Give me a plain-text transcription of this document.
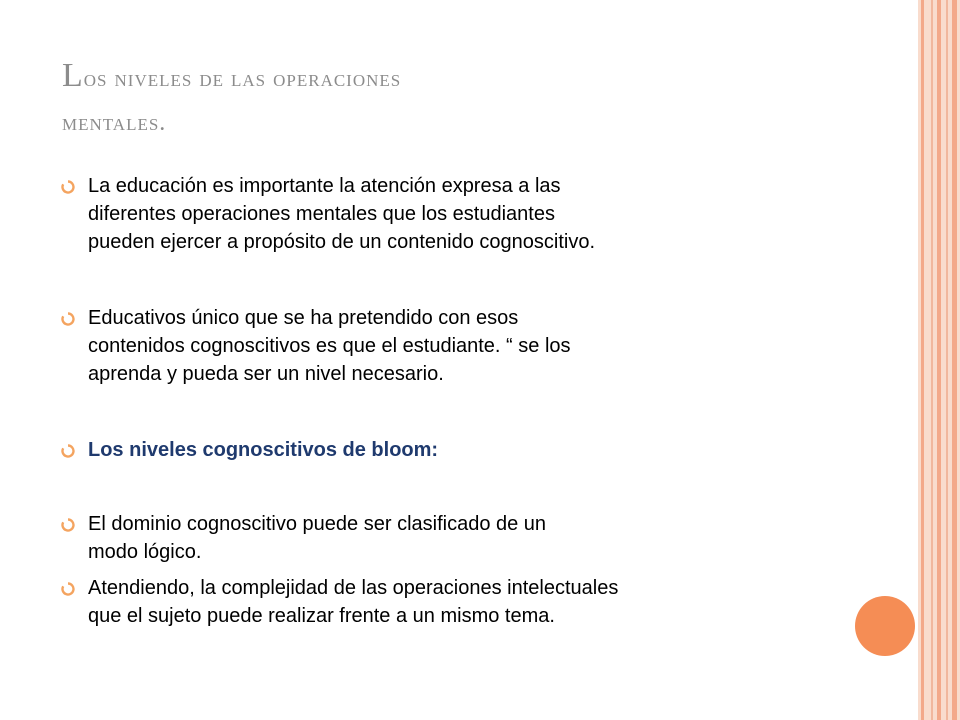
Los niveles de las operaciones
mentales.
La educación es importante la atención expresa a las
diferentes operaciones mentales que los estudiantes
pueden ejercer a propósito de un contenido cognoscitivo.
Educativos único que se ha pretendido con esos
contenidos cognoscitivos es que el estudiante. “ se los
aprenda y pueda ser un nivel necesario.
Los niveles cognoscitivos de bloom:
El dominio cognoscitivo puede ser clasificado de un
modo lógico.
Atendiendo, la complejidad de las operaciones intelectuales
que el sujeto puede realizar frente a un mismo tema.
